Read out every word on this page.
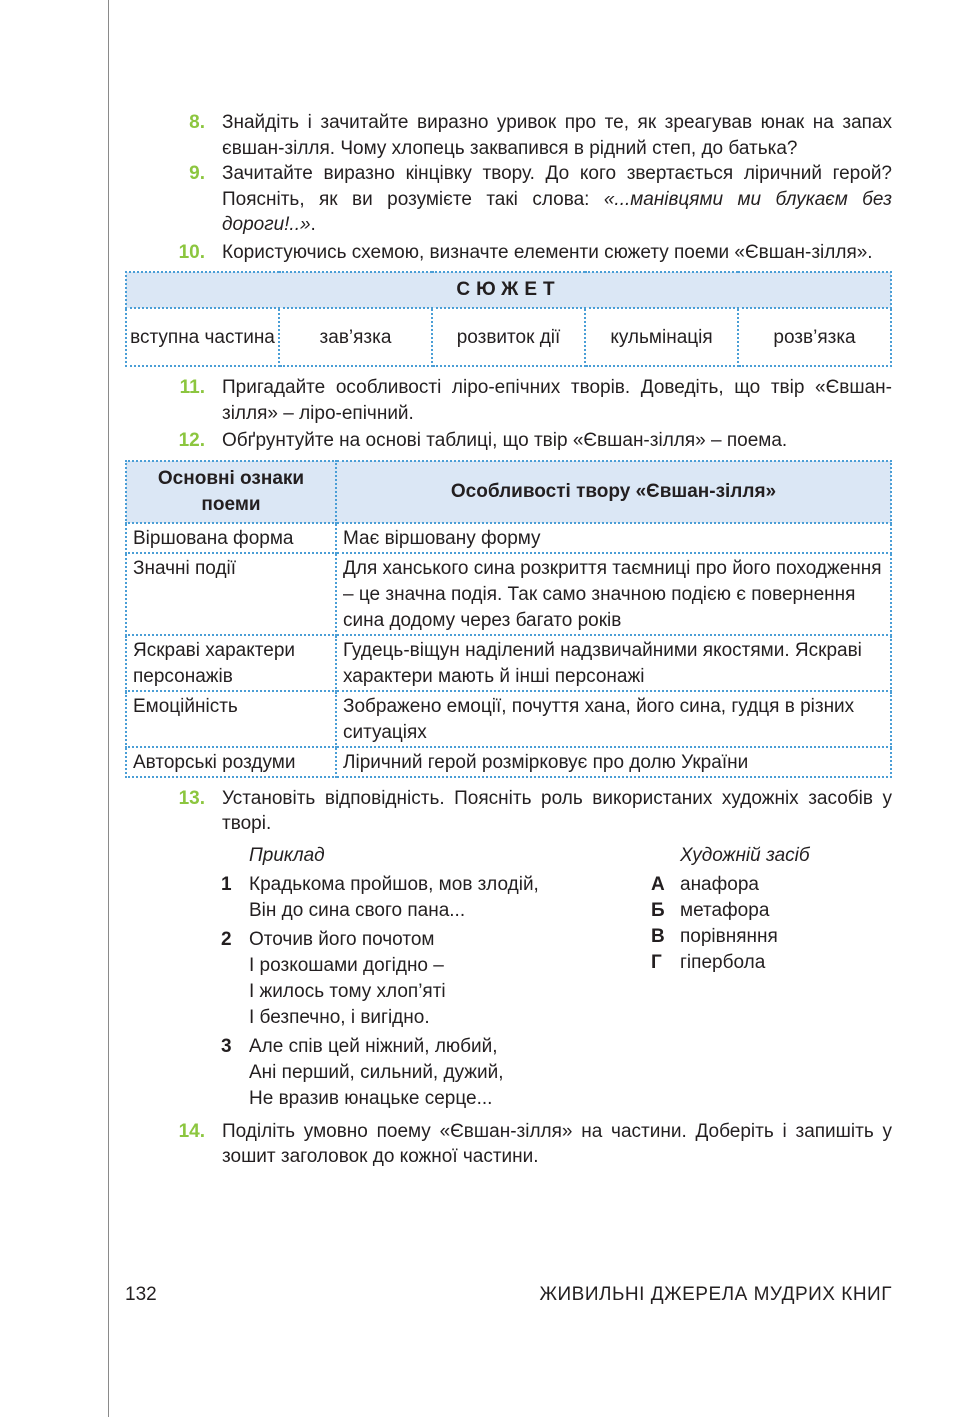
8. Знайдіть і зачитайте виразно уривок про те, як зреагував юнак на запах євшан-зілля. Чому хлопець заквапився в рідний степ, до батька?
9. Зачитайте виразно кінцівку твору. До кого звертається ліричний герой? Поясніть, як ви розумієте такі слова: «...манівцями ми блукаєм без дороги!..».
10. Користуючись схемою, визначте елементи сюжету поеми «Євшан-зілля».
СЮЖЕТ
вступна частина	зав’язка	розвиток дії	кульмінація	розв’язка
11. Пригадайте особливості ліро-епічних творів. Доведіть, що твір «Євшан-зілля» – ліро-епічний.
12. Обґрунтуйте на основі таблиці, що твір «Євшан-зілля» – поема.
Основні ознаки поеми	Особливості твору «Євшан-зілля»
Віршована форма	Має віршовану форму
Значні події	Для ханського сина розкриття таємниці про його походження – це значна подія. Так само значною подією є повернення сина додому через багато років
Яскраві характери персонажів	Гудець-віщун наділений надзвичайними якостями. Яскраві характери мають й інші персонажі
Емоційність	Зображено емоції, почуття хана, його сина, гудця в різних ситуаціях
Авторські роздуми	Ліричний герой розмірковує про долю України
13. Установіть відповідність. Поясніть роль використаних художніх засобів у творі.
Приклад	Художній засіб
1 Крадькома пройшов, мов злодій,
Він до сина свого пана...
2 Оточив його почотом
І розкошами догідно –
І жилось тому хлоп’яті
І безпечно, і вигідно.
3 Але спів цей ніжний, любий,
Ані перший, сильний, дужий,
Не вразив юнацьке серце...
А анафора
Б метафора
В порівняння
Г гіпербола
14. Поділіть умовно поему «Євшан-зілля» на частини. Доберіть і запишіть у зошит заголовок до кожної частини.
132	ЖИВИЛЬНІ ДЖЕРЕЛА МУДРИХ КНИГ
